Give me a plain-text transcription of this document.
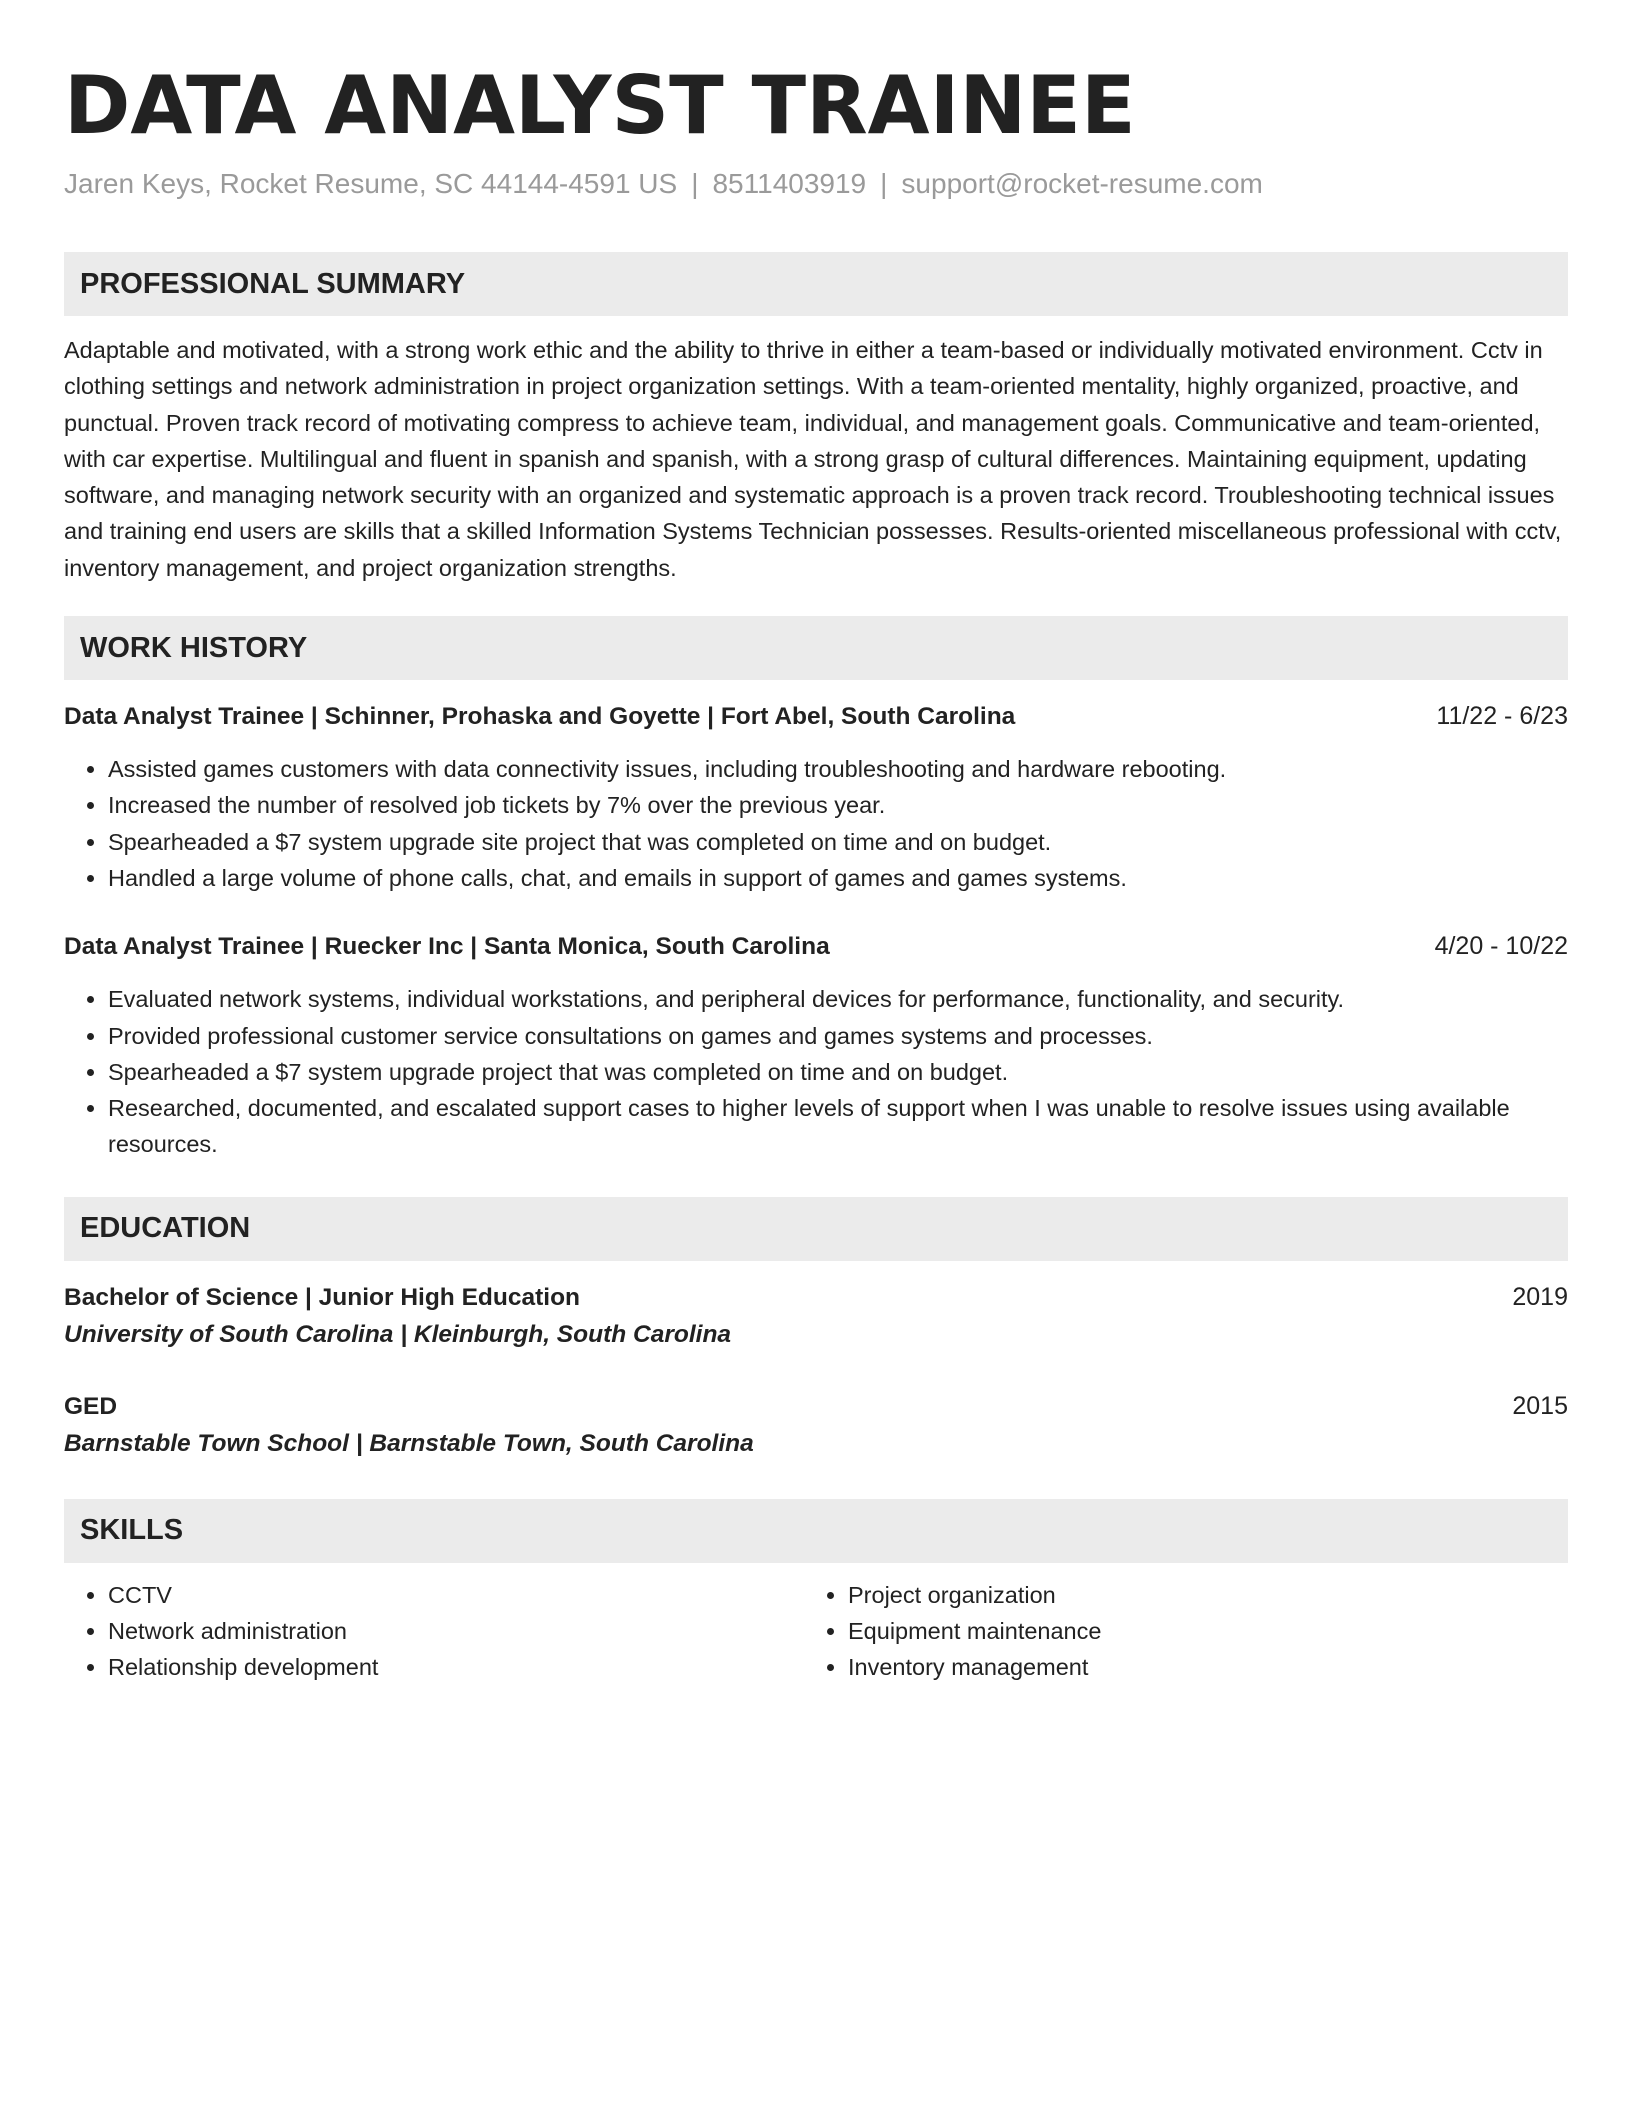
DATA ANALYST TRAINEE
Jaren Keys, Rocket Resume, SC 44144-4591 US | 8511403919 | support@rocket-resume.com
PROFESSIONAL SUMMARY
Adaptable and motivated, with a strong work ethic and the ability to thrive in either a team-based or individually motivated environment. Cctv in clothing settings and network administration in project organization settings. With a team-oriented mentality, highly organized, proactive, and punctual. Proven track record of motivating compress to achieve team, individual, and management goals. Communicative and team-oriented, with car expertise. Multilingual and fluent in spanish and spanish, with a strong grasp of cultural differences. Maintaining equipment, updating software, and managing network security with an organized and systematic approach is a proven track record. Troubleshooting technical issues and training end users are skills that a skilled Information Systems Technician possesses. Results-oriented miscellaneous professional with cctv, inventory management, and project organization strengths.
WORK HISTORY
Data Analyst Trainee | Schinner, Prohaska and Goyette | Fort Abel, South Carolina	11/22 - 6/23
• Assisted games customers with data connectivity issues, including troubleshooting and hardware rebooting.
• Increased the number of resolved job tickets by 7% over the previous year.
• Spearheaded a $7 system upgrade site project that was completed on time and on budget.
• Handled a large volume of phone calls, chat, and emails in support of games and games systems.
Data Analyst Trainee | Ruecker Inc | Santa Monica, South Carolina	4/20 - 10/22
• Evaluated network systems, individual workstations, and peripheral devices for performance, functionality, and security.
• Provided professional customer service consultations on games and games systems and processes.
• Spearheaded a $7 system upgrade project that was completed on time and on budget.
• Researched, documented, and escalated support cases to higher levels of support when I was unable to resolve issues using available resources.
EDUCATION
Bachelor of Science | Junior High Education	2019
University of South Carolina | Kleinburgh, South Carolina
GED	2015
Barnstable Town School | Barnstable Town, South Carolina
SKILLS
• CCTV
• Network administration
• Relationship development
• Project organization
• Equipment maintenance
• Inventory management
